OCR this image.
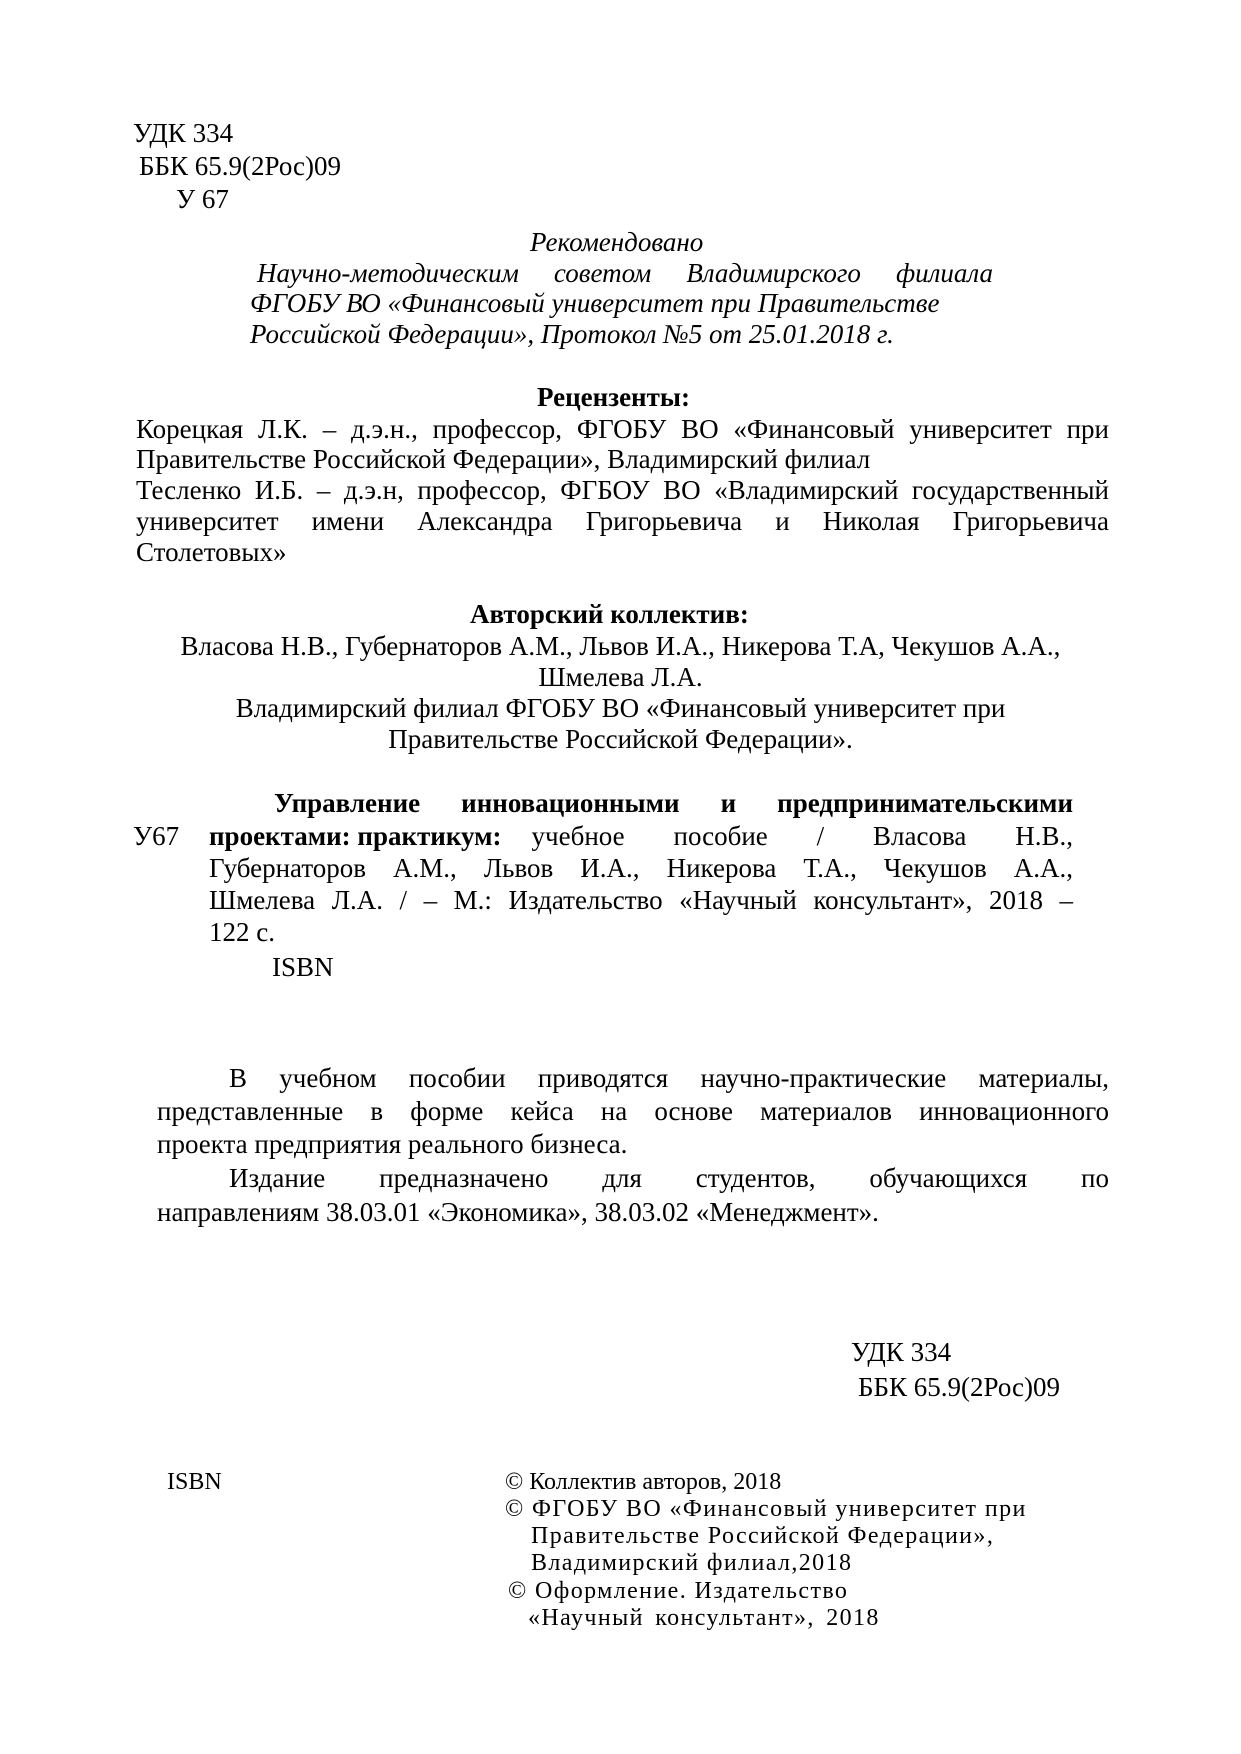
УДК 334
ББК 65.9(2Рос)09
У 67
Рекомендовано
Научно-методическим советом Владимирского филиала
ФГОБУ ВО «Финансовый университет при Правительстве
Российской Федерации», Протокол №5 от 25.01.2018 г.
Рецензенты:
Корецкая Л.К. – д.э.н., профессор, ФГОБУ ВО «Финансовый университет при
Правительстве Российской Федерации», Владимирский филиал
Тесленко И.Б. – д.э.н, профессор, ФГБОУ ВО «Владимирский государственный
университет имени Александра Григорьевича и Николая Григорьевича
Столетовых»
Авторский коллектив:
Власова Н.В., Губернаторов А.М., Львов И.А., Никерова Т.А, Чекушов А.А.,
Шмелева Л.А.
Владимирский филиал ФГОБУ ВО «Финансовый университет при
Правительстве Российской Федерации».
У67
Управление инновационными и предпринимательскими
проектами: практикум: учебное пособие / Власова Н.В.,
Губернаторов А.М., Львов И.А., Никерова Т.А., Чекушов А.А.,
Шмелева Л.А. / – М.: Издательство «Научный консультант», 2018 –
122 с.
ISBN
В учебном пособии приводятся научно-практические материалы,
представленные в форме кейса на основе материалов инновационного
проекта предприятия реального бизнеса.
Издание предназначено для студентов, обучающихся по
направлениям 38.03.01 «Экономика», 38.03.02 «Менеджмент».
УДК 334
ББК 65.9(2Рос)09
ISBN	© Коллектив авторов, 2018
© ФГОБУ ВО «Финансовый университет при
Правительстве Российской Федерации»,
Владимирский филиал,2018
© Оформление. Издательство
«Научный консультант», 2018
